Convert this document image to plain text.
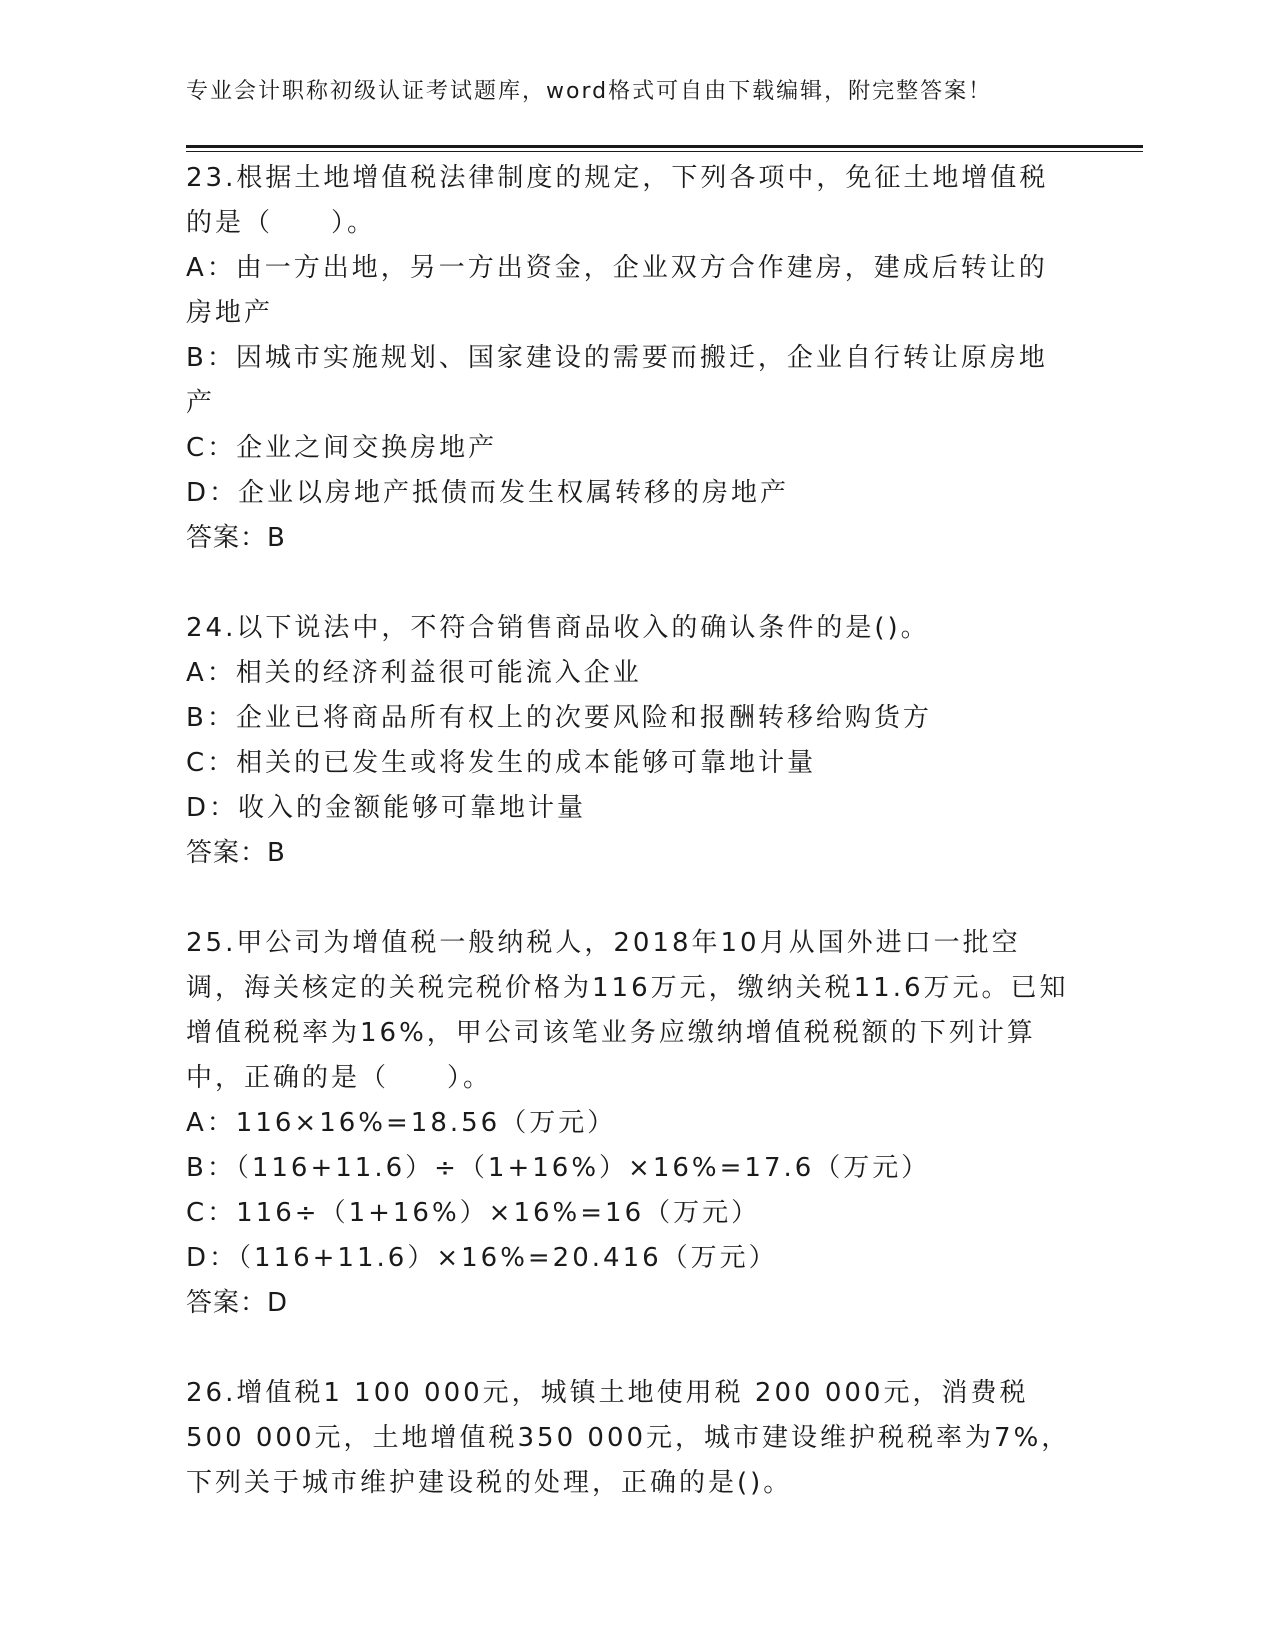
专业会计职称初级认证考试题库，word格式可自由下载编辑，附完整答案！
23.根据土地增值税法律制度的规定，下列各项中，免征土地增值税的是（　　）。
A：由一方出地，另一方出资金，企业双方合作建房，建成后转让的房地产
B：因城市实施规划、国家建设的需要而搬迁，企业自行转让原房地产
C：企业之间交换房地产
D：企业以房地产抵债而发生权属转移的房地产
答案：B
24.以下说法中，不符合销售商品收入的确认条件的是()。
A：相关的经济利益很可能流入企业
B：企业已将商品所有权上的次要风险和报酬转移给购货方
C：相关的已发生或将发生的成本能够可靠地计量
D：收入的金额能够可靠地计量
答案：B
25.甲公司为增值税一般纳税人，2018年10月从国外进口一批空调，海关核定的关税完税价格为116万元，缴纳关税11.6万元。已知增值税税率为16%，甲公司该笔业务应缴纳增值税税额的下列计算中，正确的是（　　）。
A：116×16%=18.56（万元）
B：（116+11.6）÷（1+16%）×16%=17.6（万元）
C：116÷（1+16%）×16%=16（万元）
D：（116+11.6）×16%=20.416（万元）
答案：D
26.增值税1 100 000元，城镇土地使用税 200 000元，消费税 500 000元，土地增值税350 000元，城市建设维护税税率为7%，下列关于城市维护建设税的处理，正确的是()。
